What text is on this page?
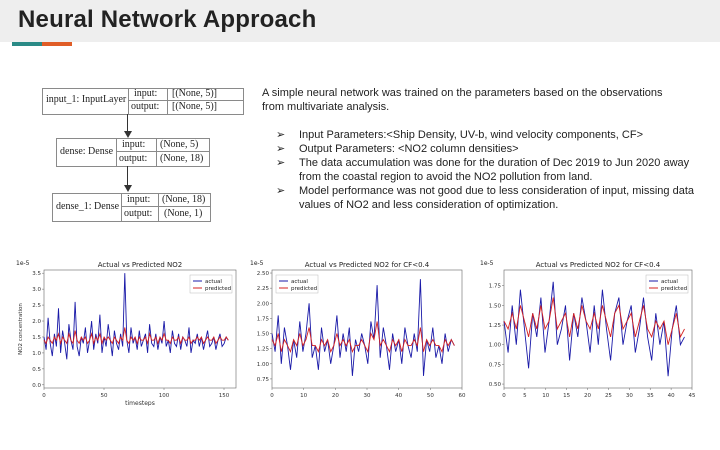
Neural Network Approach
input_1: InputLayer
input: [(None, 5)]
output: [(None, 5)]
dense: Dense
input: (None, 5)
output: (None, 18)
dense_1: Dense
input: (None, 18)
output: (None, 1)
A simple neural network was trained on the parameters based on the observations from multivariate analysis.
➢ Input Parameters:<Ship Density, UV-b, wind velocity components, CF>
➢ Output Parameters: <NO2 column densities>
➢ The data accumulation was done for the duration of Dec 2019 to Jun 2020 away from the coastal region to avoid the NO2 pollution from land.
➢ Model performance was not good due to less consideration of input, missing data values of NO2 and less consideration of optimization.
Actual vs Predicted NO2
1e-5
0.0
0.5
1.0
1.5
2.0
2.5
3.0
3.5
0	50	100	150
timesteps
NO2 concentration
actual
predicted
Actual vs Predicted NO2 for CF<0.4
1e-5
0.75
1.00
1.25
1.50
1.75
2.00
2.25
2.50
0	10	20	30	40	50	60
actual
predicted
Actual vs Predicted NO2 for CF<0.4
1e-5
0.50
0.75
1.00
1.25
1.50
1.75
0	5	10	15	20	25	30	35	40	45
actual
predicted
